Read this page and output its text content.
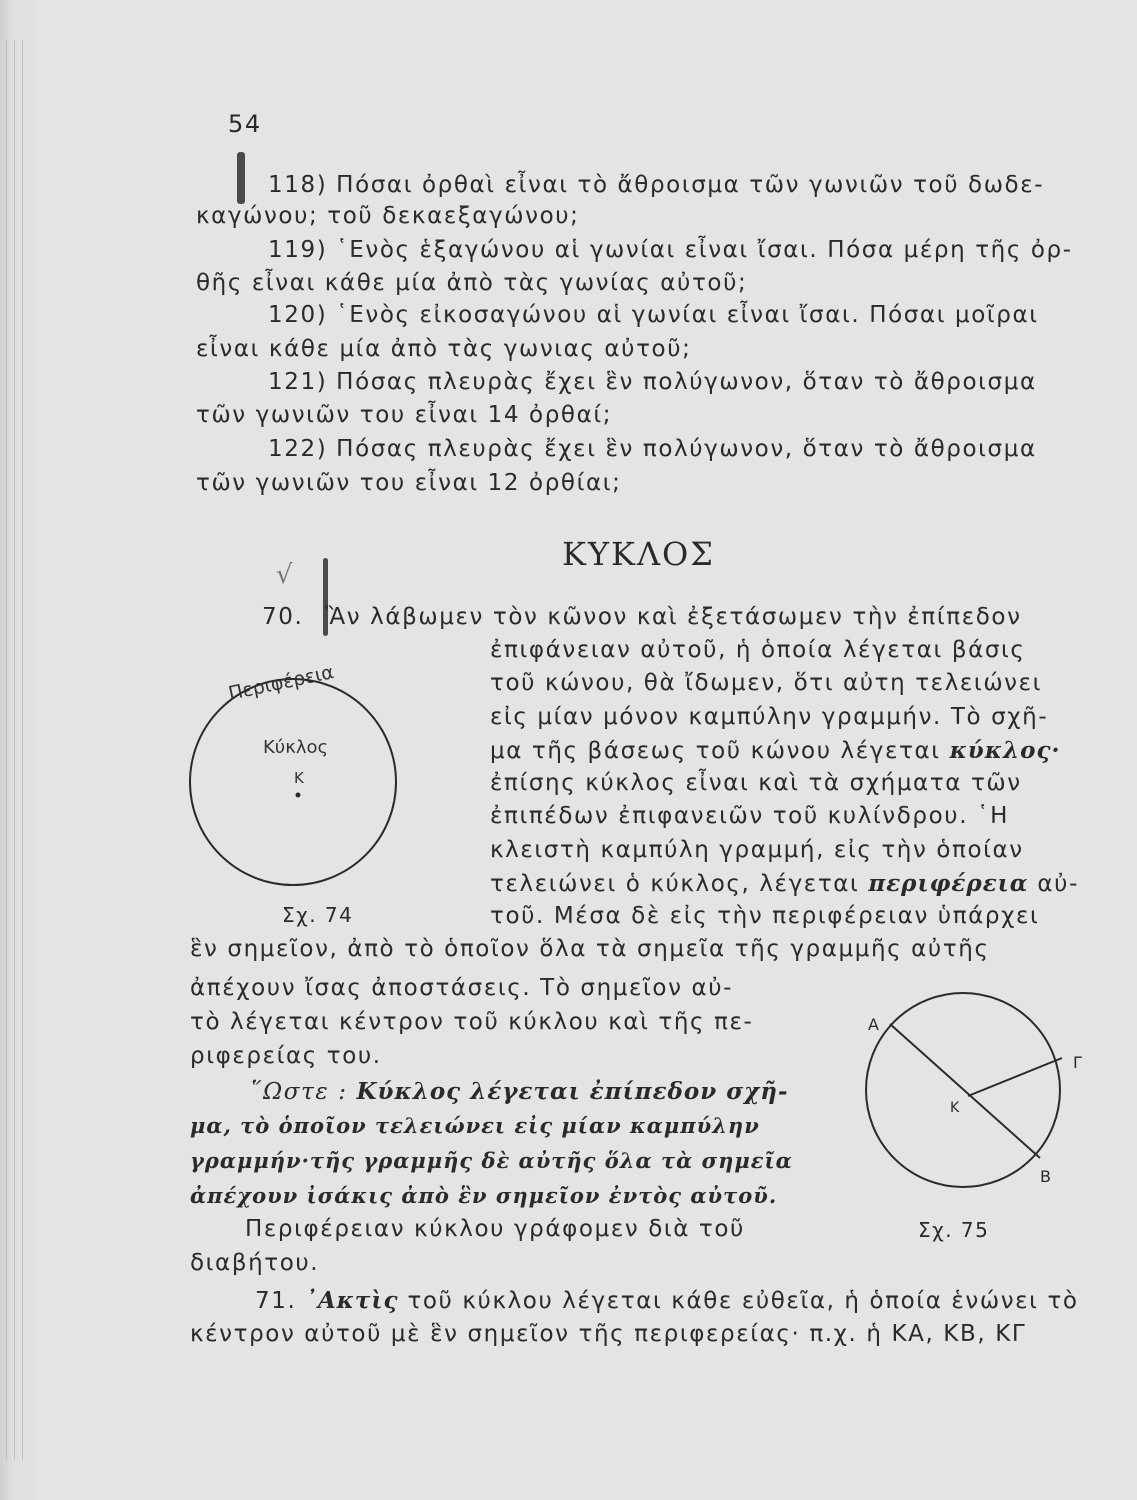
54
√
118) Πόσαι ὀρθαὶ εἶναι τὸ ἄθροισμα τῶν γωνιῶν τοῦ δωδε-
καγώνου; τοῦ δεκαεξαγώνου;
119) ῾Ενὸς ἑξαγώνου αἱ γωνίαι εἶναι ἴσαι. Πόσα μέρη τῆς ὀρ-
θῆς εἶναι κάθε μία ἀπὸ τὰς γωνίας αὐτοῦ;
120) ῾Ενὸς εἰκοσαγώνου αἱ γωνίαι εἶναι ἴσαι. Πόσαι μοῖραι
εἶναι κάθε μία ἀπὸ τὰς γωνιας αὐτοῦ;
121) Πόσας πλευρὰς ἔχει ἓν πολύγωνον, ὅταν τὸ ἄθροισμα
τῶν γωνιῶν του εἶναι 14 ὀρθαί;
122) Πόσας πλευρὰς ἔχει ἓν πολύγωνον, ὅταν τὸ ἄθροισμα
τῶν γωνιῶν του εἶναι 12 ὀρθίαι;
ΚΥΚΛΟΣ
70. Ἂν λάβωμεν τὸν κῶνον καὶ ἐξετάσωμεν τὴν ἐπίπεδον
ἐπιφάνειαν αὐτοῦ, ἡ ὁποία λέγεται βάσις
τοῦ κώνου, θὰ ἴδωμεν, ὅτι αὐτη τελειώνει
εἰς μίαν μόνον καμπύλην γραμμήν. Τὸ σχῆ-
μα τῆς βάσεως τοῦ κώνου λέγεται κύκλος·
ἐπίσης κύκλος εἶναι καὶ τὰ σχήματα τῶν
ἐπιπέδων ἐπιφανειῶν τοῦ κυλίνδρου. ῾Η
κλειστὴ καμπύλη γραμμή, εἰς τὴν ὁποίαν
τελειώνει ὁ κύκλος, λέγεται περιφέρεια αὐ-
τοῦ. Μέσα δὲ εἰς τὴν περιφέρειαν ὑπάρχει
ἓν σημεῖον, ἀπὸ τὸ ὁποῖον ὅλα τὰ σημεῖα τῆς γραμμῆς αὐτῆς
ἀπέχουν ἴσας ἀποστάσεις. Τὸ σημεῖον αὐ-
τὸ λέγεται κέντρον τοῦ κύκλου καὶ τῆς πε-
ριφερείας του.
῞Ωστε : Κύκλος λέγεται ἐπίπεδον σχῆ-
μα, τὸ ὁποῖον τελειώνει εἰς μίαν καμπύλην
γραμμήν·τῆς γραμμῆς δὲ αὐτῆς ὅλα τὰ σημεῖα
ἀπέχουν ἰσάκις ἀπὸ ἓν σημεῖον ἐντὸς αὐτοῦ.
Περιφέρειαν κύκλου γράφομεν διὰ τοῦ
διαβήτου.
71. ᾿Ακτὶς τοῦ κύκλου λέγεται κάθε εὐθεῖα, ἡ ὁποία ἑνώνει τὸ
κέντρον αὐτοῦ μὲ ἓν σημεῖον τῆς περιφερείας· π.χ. ἡ ΚΑ, ΚΒ, ΚΓ
Περιφέρεια
Κύκλος
Κ
Σχ. 74
Α
Γ
Κ
Β
Σχ. 75
